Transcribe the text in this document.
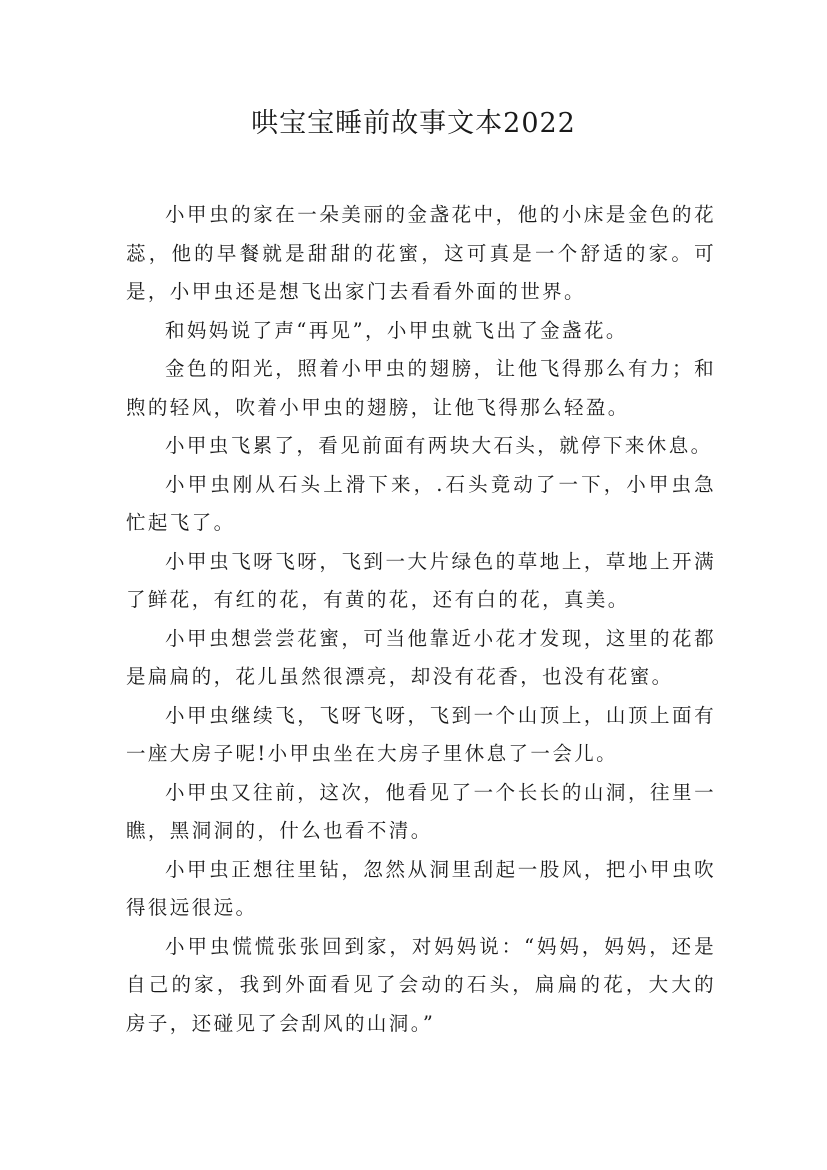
哄宝宝睡前故事文本2022

小甲虫的家在一朵美丽的金盏花中，他的小床是金色的花蕊，他的早餐就是甜甜的花蜜，这可真是一个舒适的家。可是，小甲虫还是想飞出家门去看看外面的世界。

和妈妈说了声“再见”，小甲虫就飞出了金盏花。

金色的阳光，照着小甲虫的翅膀，让他飞得那么有力；和煦的轻风，吹着小甲虫的翅膀，让他飞得那么轻盈。

小甲虫飞累了，看见前面有两块大石头，就停下来休息。

小甲虫刚从石头上滑下来，.石头竟动了一下，小甲虫急忙起飞了。

小甲虫飞呀飞呀，飞到一大片绿色的草地上，草地上开满了鲜花，有红的花，有黄的花，还有白的花，真美。

小甲虫想尝尝花蜜，可当他靠近小花才发现，这里的花都是扁扁的，花儿虽然很漂亮，却没有花香，也没有花蜜。

小甲虫继续飞，飞呀飞呀，飞到一个山顶上，山顶上面有一座大房子呢!小甲虫坐在大房子里休息了一会儿。

小甲虫又往前，这次，他看见了一个长长的山洞，往里一瞧，黑洞洞的，什么也看不清。

小甲虫正想往里钻，忽然从洞里刮起一股风，把小甲虫吹得很远很远。

小甲虫慌慌张张回到家，对妈妈说：“妈妈，妈妈，还是自己的家，我到外面看见了会动的石头，扁扁的花，大大的房子，还碰见了会刮风的山洞。”
